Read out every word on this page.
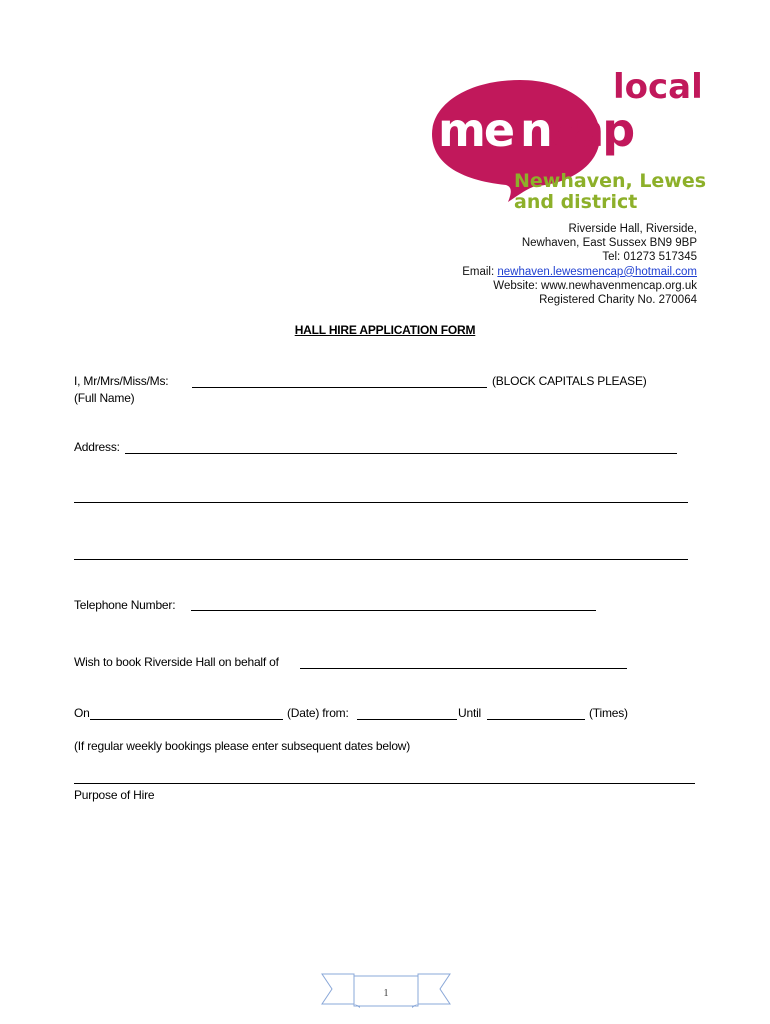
local
me n
cap
Newhaven, Lewes
and district
Riverside Hall, Riverside,
Newhaven, East Sussex BN9 9BP
Tel: 01273 517345
Email: newhaven.lewesmencap@hotmail.com
Website: www.newhavenmencap.org.uk
Registered Charity No. 270064
HALL HIRE APPLICATION FORM
I, Mr/Mrs/Miss/Ms:	(BLOCK CAPITALS PLEASE)
(Full Name)
Address:
Telephone Number:
Wish to book Riverside Hall on behalf of
On	(Date) from:	Until	(Times)
(If regular weekly bookings please enter subsequent dates below)
Purpose of Hire
1
